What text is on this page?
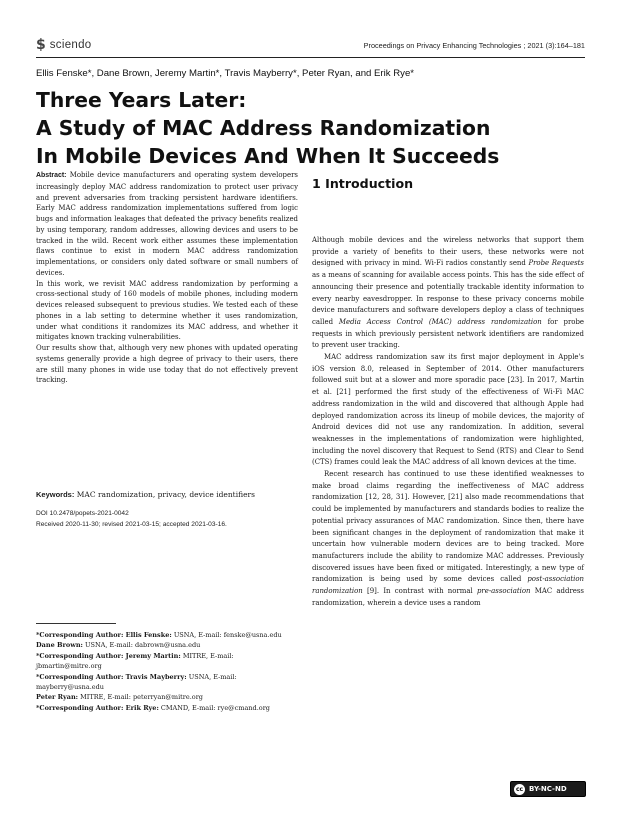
$ sciendo	Proceedings on Privacy Enhancing Technologies ; 2021 (3):164–181
Ellis Fenske*, Dane Brown, Jeremy Martin*, Travis Mayberry*, Peter Ryan, and Erik Rye*
Three Years Later:
A Study of MAC Address Randomization
In Mobile Devices And When It Succeeds

Abstract: Mobile device manufacturers and operating system developers increasingly deploy MAC address randomization to protect user privacy and prevent adversaries from tracking persistent hardware identifiers. Early MAC address randomization implementations suffered from logic bugs and information leakages that defeated the privacy benefits realized by using temporary, random addresses, allowing devices and users to be tracked in the wild. Recent work either assumes these implementation flaws continue to exist in modern MAC address randomization implementations, or considers only dated software or small numbers of devices.

In this work, we revisit MAC address randomization by performing a cross-sectional study of 160 models of mobile phones, including modern devices released subsequent to previous studies. We tested each of these phones in a lab setting to determine whether it uses randomization, under what conditions it randomizes its MAC address, and whether it mitigates known tracking vulnerabilities.

Our results show that, although very new phones with updated operating systems generally provide a high degree of privacy to their users, there are still many phones in wide use today that do not effectively prevent tracking.

Keywords: MAC randomization, privacy, device identifiers
DOI 10.2478/popets-2021-0042
Received 2020-11-30; revised 2021-03-15; accepted 2021-03-16.
*Corresponding Author: Ellis Fenske: USNA, E-mail: fenske@usna.edu
Dane Brown: USNA, E-mail: dabrown@usna.edu
*Corresponding Author: Jeremy Martin: MITRE, E-mail: jbmartin@mitre.org
*Corresponding Author: Travis Mayberry: USNA, E-mail: mayberry@usna.edu
Peter Ryan: MITRE, E-mail: peterryan@mitre.org
*Corresponding Author: Erik Rye: CMAND, E-mail: rye@cmand.org
1 Introduction

Although mobile devices and the wireless networks that support them provide a variety of benefits to their users, these networks were not designed with privacy in mind. Wi-Fi radios constantly send Probe Requests as a means of scanning for available access points. This has the side effect of announcing their presence and potentially trackable identity information to every nearby eavesdropper. In response to these privacy concerns mobile device manufacturers and software developers deploy a class of techniques called Media Access Control (MAC) address randomization for probe requests in which previously persistent network identifiers are randomized to prevent user tracking.

MAC address randomization saw its first major deployment in Apple's iOS version 8.0, released in September of 2014. Other manufacturers followed suit but at a slower and more sporadic pace [23]. In 2017, Martin et al. [21] performed the first study of the effectiveness of Wi-Fi MAC address randomization in the wild and discovered that although Apple had deployed randomization across its lineup of mobile devices, the majority of Android devices did not use any randomization. In addition, several weaknesses in the implementations of randomization were highlighted, including the novel discovery that Request to Send (RTS) and Clear to Send (CTS) frames could leak the MAC address of all known devices at the time.

Recent research has continued to use these identified weaknesses to make broad claims regarding the ineffectiveness of MAC address randomization [12, 28, 31]. However, [21] also made recommendations that could be implemented by manufacturers and standards bodies to realize the potential privacy assurances of MAC randomization. Since then, there have been significant changes in the deployment of randomization that make it uncertain how vulnerable modern devices are to being tracked. More manufacturers include the ability to randomize MAC addresses. Previously discovered issues have been fixed or mitigated. Interestingly, a new type of randomization is being used by some devices called post-association randomization [9]. In contrast with normal pre-association MAC address randomization, wherein a device uses a random

cc BY-NC-ND
